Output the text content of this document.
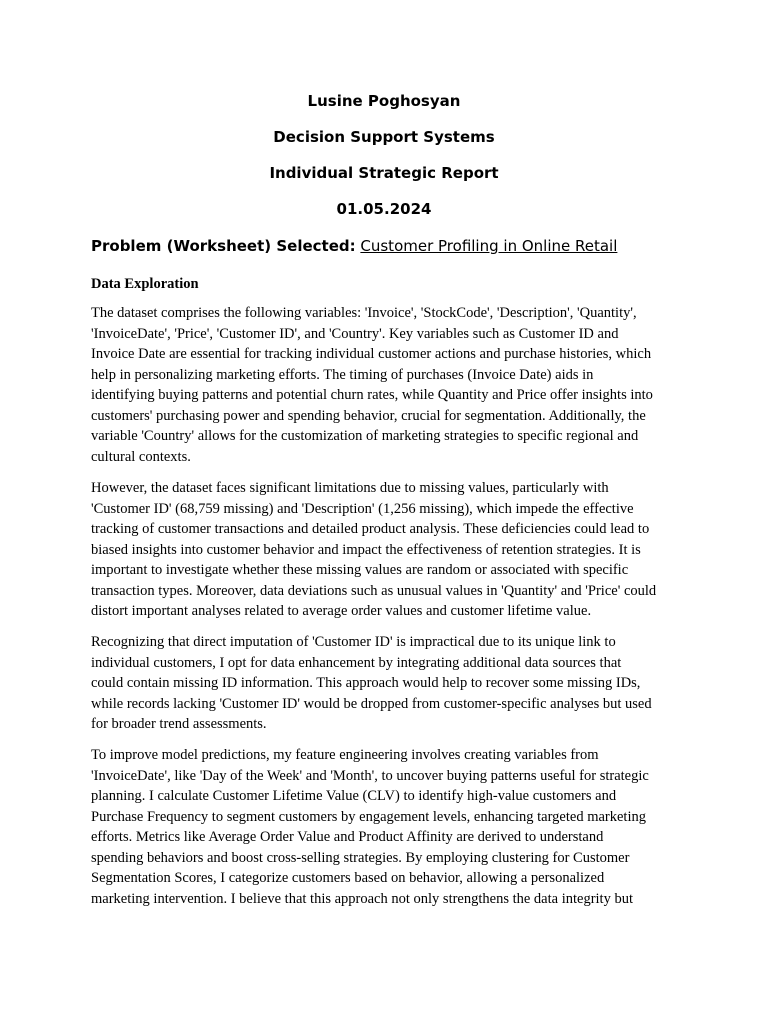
Lusine Poghosyan
Decision Support Systems
Individual Strategic Report
01.05.2024
Problem (Worksheet) Selected: Customer Profiling in Online Retail
Data Exploration
The dataset comprises the following variables: 'Invoice', 'StockCode', 'Description', 'Quantity',
'InvoiceDate', 'Price', 'Customer ID', and 'Country'. Key variables such as Customer ID and
Invoice Date are essential for tracking individual customer actions and purchase histories, which
help in personalizing marketing efforts. The timing of purchases (Invoice Date) aids in
identifying buying patterns and potential churn rates, while Quantity and Price offer insights into
customers' purchasing power and spending behavior, crucial for segmentation. Additionally, the
variable 'Country' allows for the customization of marketing strategies to specific regional and
cultural contexts.
However, the dataset faces significant limitations due to missing values, particularly with
'Customer ID' (68,759 missing) and 'Description' (1,256 missing), which impede the effective
tracking of customer transactions and detailed product analysis. These deficiencies could lead to
biased insights into customer behavior and impact the effectiveness of retention strategies. It is
important to investigate whether these missing values are random or associated with specific
transaction types. Moreover, data deviations such as unusual values in 'Quantity' and 'Price' could
distort important analyses related to average order values and customer lifetime value.
Recognizing that direct imputation of 'Customer ID' is impractical due to its unique link to
individual customers, I opt for data enhancement by integrating additional data sources that
could contain missing ID information. This approach would help to recover some missing IDs,
while records lacking 'Customer ID' would be dropped from customer-specific analyses but used
for broader trend assessments.
To improve model predictions, my feature engineering involves creating variables from
'InvoiceDate', like 'Day of the Week' and 'Month', to uncover buying patterns useful for strategic
planning. I calculate Customer Lifetime Value (CLV) to identify high-value customers and
Purchase Frequency to segment customers by engagement levels, enhancing targeted marketing
efforts. Metrics like Average Order Value and Product Affinity are derived to understand
spending behaviors and boost cross-selling strategies. By employing clustering for Customer
Segmentation Scores, I categorize customers based on behavior, allowing a personalized
marketing intervention. I believe that this approach not only strengthens the data integrity but
